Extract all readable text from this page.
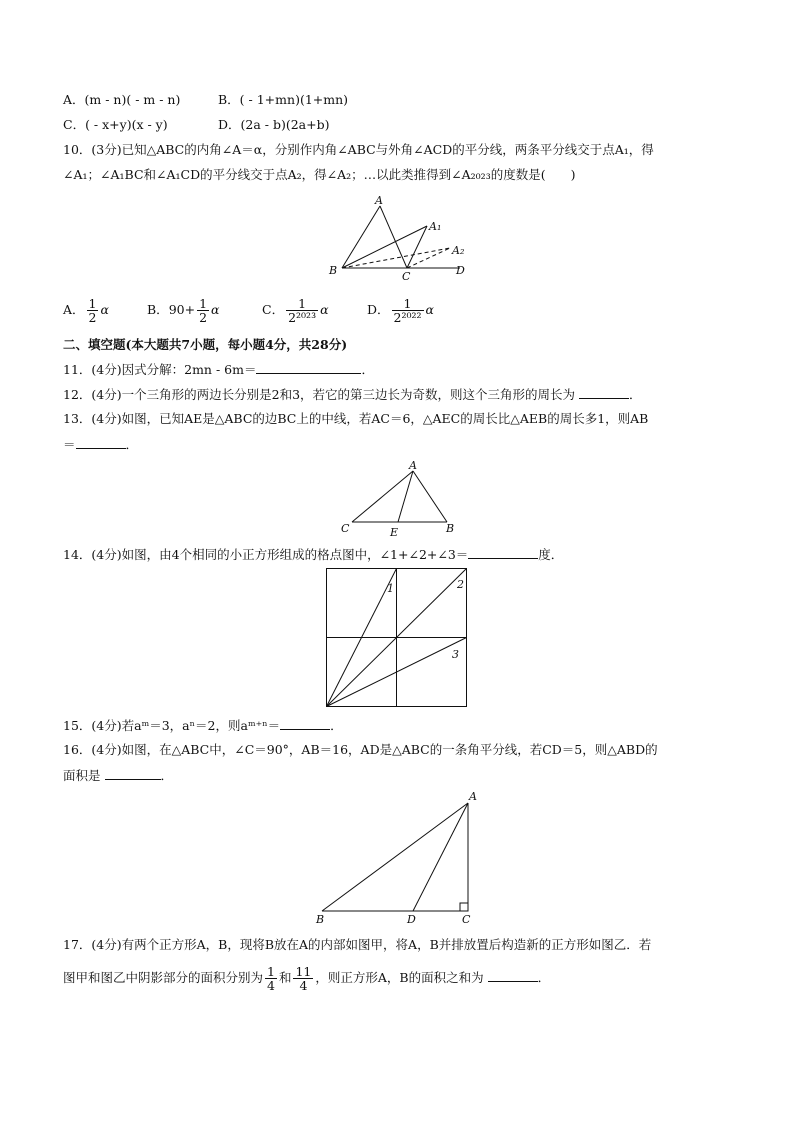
A．(m - n)( - m - n)	B．( - 1+mn)(1+mn)
C．( - x+y)(x - y)	D．(2a - b)(2a+b)
10．(3分)已知△ABC的内角∠A＝α，分别作内角∠ABC与外角∠ACD的平分线，两条平分线交于点A₁，得
∠A₁；∠A₁BC和∠A₁CD的平分线交于点A₂，得∠A₂；…以此类推得到∠A₂₀₂₃的度数是(　　)
A
A₁
A₂
B	C	D
A． $\frac{1}{2}$ α	B．$90+ \frac{1}{2}$ α	C． $\frac{1}{\text{2²⁰²³}}$ α	D． $\frac{1}{\text{2²⁰²²}}$ α
二、填空题(本大题共7小题，每小题4分，共28分)
11．(4分)因式分解：2mn - 6m＝	．
12．(4分)一个三角形的两边长分别是2和3，若它的第三边长为奇数，则这个三角形的周长为	．
13．(4分)如图，已知AE是△ABC的边BC上的中线，若AC＝6，△AEC的周长比△AEB的周长多1，则AB
＝	．
A
C	E	B
14．(4分)如图，由4个相同的小正方形组成的格点图中，∠1+∠2+∠3＝	度．
1	2
3
15．(4分)若aᵐ＝3，aⁿ＝2，则aᵐ⁺ⁿ＝	．
16．(4分)如图，在△ABC中，∠C＝90°，AB＝16，AD是△ABC的一条角平分线，若CD＝5，则△ABD的
面积是	．
A
B	D	C
17．(4分)有两个正方形A，B，现将B放在A的内部如图甲，将A，B并排放置后构造新的正方形如图乙．若
图甲和图乙中阴影部分的面积分别为 $\frac{1}{4}$ 和 $\frac{11}{4}$ ，则正方形A，B的面积之和为	．
